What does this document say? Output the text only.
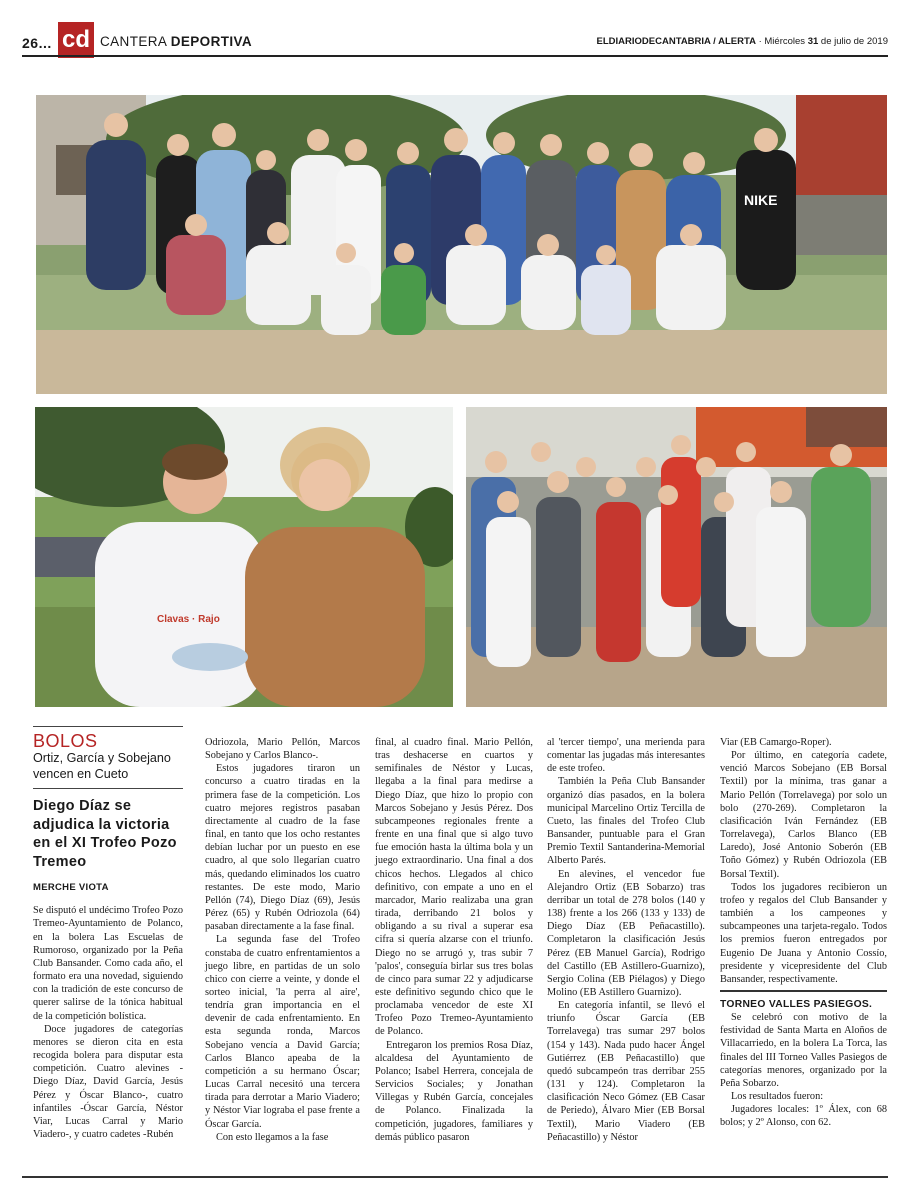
26... cd CANTERA DEPORTIVA	ELDIARIODECANTABRIA / ALERTA · Miércoles 31 de julio de 2019
NIKE
Clavas · Rajo
BOLOS
Ortiz, García y Sobejano vencen en Cueto
Diego Díaz se adjudica la victoria en el XI Trofeo Pozo Tremeo
MERCHE VIOTA

Se disputó el undécimo Trofeo Pozo Tremeo-Ayuntamiento de Polanco, en la bolera Las Escuelas de Rumoroso, organizado por la Peña Club Bansander. Como cada año, el formato era una novedad, siguiendo con la tradición de este concurso de querer salirse de la tónica habitual de la competición bolística.

Doce jugadores de categorías menores se dieron cita en esta recogida bolera para disputar esta competición. Cuatro alevines -Diego Díaz, David García, Jesús Pérez y Óscar Blanco-, cuatro infantiles -Óscar García, Néstor Viar, Lucas Carral y Mario Viadero-, y cuatro cadetes -Rubén

Odriozola, Mario Pellón, Marcos Sobejano y Carlos Blanco-.

Estos jugadores tiraron un concurso a cuatro tiradas en la primera fase de la competición. Los cuatro mejores registros pasaban directamente al cuadro de la fase final, en tanto que los ocho restantes debían luchar por un puesto en ese cuadro, al que solo llegarían cuatro más, quedando eliminados los cuatro restantes. De este modo, Mario Pellón (74), Diego Díaz (69), Jesús Pérez (65) y Rubén Odriozola (64) pasaban directamente a la fase final.

La segunda fase del Trofeo constaba de cuatro enfrentamientos a juego libre, en partidas de un solo chico con cierre a veinte, y donde el sorteo inicial, 'la perra al aire', tendría gran importancia en el devenir de cada enfrentamiento. En esta segunda ronda, Marcos Sobejano vencía a David García; Carlos Blanco apeaba de la competición a su hermano Óscar; Lucas Carral necesitó una tercera tirada para derrotar a Mario Viadero; y Néstor Viar lograba el pase frente a Óscar García.

Con esto llegamos a la fase

final, al cuadro final. Mario Pellón, tras deshacerse en cuartos y semifinales de Néstor y Lucas, llegaba a la final para medirse a Diego Díaz, que hizo lo propio con Marcos Sobejano y Jesús Pérez. Dos subcampeones regionales frente a frente en una final que si algo tuvo fue emoción hasta la última bola y un juego extraordinario. Una final a dos chicos hechos. Llegados al chico definitivo, con empate a uno en el marcador, Mario realizaba una gran tirada, derribando 21 bolos y obligando a su rival a superar esa cifra si quería alzarse con el triunfo. Diego no se arrugó y, tras subir 7 'palos', conseguía birlar sus tres bolas de cinco para sumar 22 y adjudicarse este definitivo segundo chico que le proclamaba vencedor de este XI Trofeo Pozo Tremeo-Ayuntamiento de Polanco.

Entregaron los premios Rosa Díaz, alcaldesa del Ayuntamiento de Polanco; Isabel Herrera, concejala de Servicios Sociales; y Jonathan Villegas y Rubén García, concejales de Polanco. Finalizada la competición, jugadores, familiares y demás público pasaron

al 'tercer tiempo', una merienda para comentar las jugadas más interesantes de este trofeo.

También la Peña Club Bansander organizó días pasados, en la bolera municipal Marcelino Ortiz Tercilla de Cueto, las finales del Trofeo Club Bansander, puntuable para el Gran Premio Textil Santanderina-Memorial Alberto Parés.

En alevines, el vencedor fue Alejandro Ortiz (EB Sobarzo) tras derribar un total de 278 bolos (140 y 138) frente a los 266 (133 y 133) de Diego Díaz (EB Peñacastillo). Completaron la clasificación Jesús Pérez (EB Manuel García), Rodrigo del Castillo (EB Astillero-Guarnizo), Sergio Colina (EB Piélagos) y Diego Molino (EB Astillero Guarnizo).

En categoría infantil, se llevó el triunfo Óscar García (EB Torrelavega) tras sumar 297 bolos (154 y 143). Nada pudo hacer Ángel Gutiérrez (EB Peñacastillo) que quedó subcampeón tras derribar 255 (131 y 124). Completaron la clasificación Neco Gómez (EB Casar de Periedo), Álvaro Mier (EB Borsal Textil), Mario Viadero (EB Peñacastillo) y Néstor

Viar (EB Camargo-Roper).

Por último, en categoría cadete, venció Marcos Sobejano (EB Borsal Textil) por la mínima, tras ganar a Mario Pellón (Torrelavega) por solo un bolo (270-269). Completaron la clasificación Iván Fernández (EB Torrelavega), Carlos Blanco (EB Laredo), José Antonio Soberón (EB Toño Gómez) y Rubén Odriozola (EB Borsal Textil).

Todos los jugadores recibieron un trofeo y regalos del Club Bansander y también a los campeones y subcampeones una tarjeta-regalo. Todos los premios fueron entregados por Eugenio De Juana y Antonio Cossío, presidente y vicepresidente del Club Bansander, respectivamente.

TORNEO VALLES PASIEGOS.

Se celebró con motivo de la festividad de Santa Marta en Aloños de Villacarriedo, en la bolera La Torca, las finales del III Torneo Valles Pasiegos de categorías menores, organizado por la Peña Sobarzo.

Los resultados fueron:

Jugadores locales: 1º Álex, con 68 bolos; y 2º Alonso, con 62.
